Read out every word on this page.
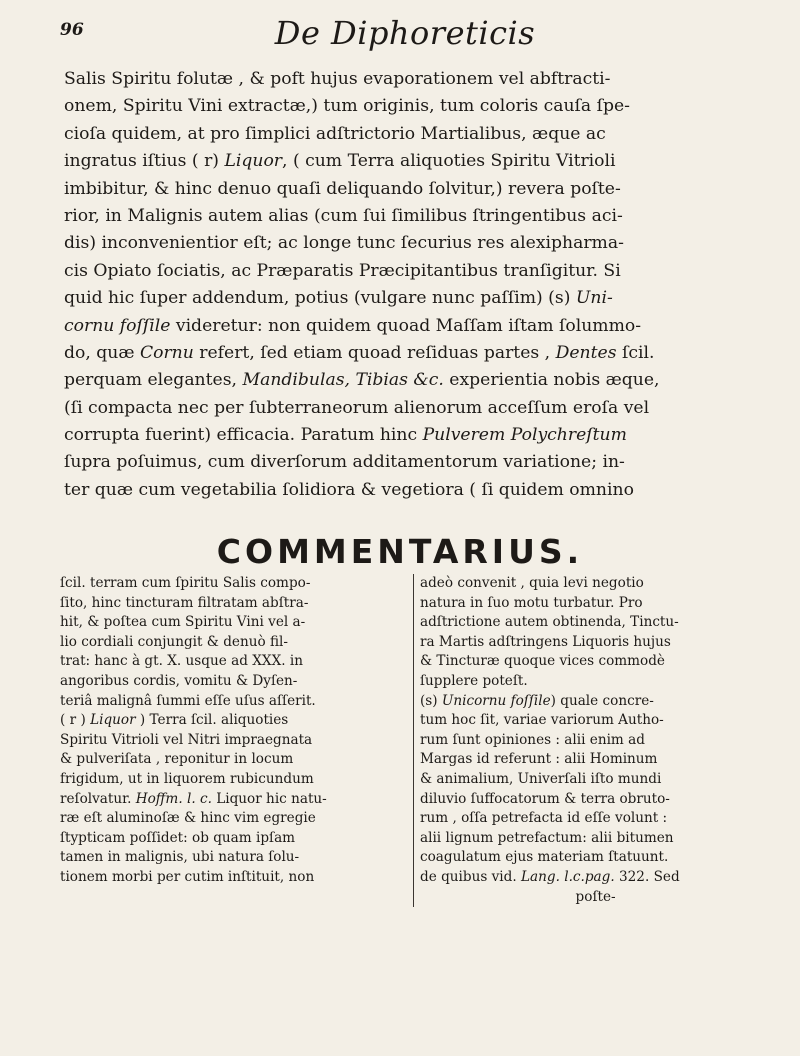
96	De Diphoreticis
Salis Spiritu folutæ , & poft hujus evaporationem vel abftracti-
onem, Spiritu Vini extractæ,) tum originis, tum coloris cauſa ſpe-
cioſa quidem, at pro ſimplici adſtrictorio Martialibus, æque ac
ingratus iſtius ( r) Liquor, ( cum Terra aliquoties Spiritu Vitrioli
imbibitur, & hinc denuo quaſi deliquando ſolvitur,) revera poſte-
rior, in Malignis autem alias (cum ſui ſimilibus ſtringentibus aci-
dis) inconvenientior eſt; ac longe tunc ſecurius res alexipharma-
cis Opiato ſociatis, ac Præparatis Præcipitantibus tranſigitur. Si
quid hic ſuper addendum, potius (vulgare nunc paſſim) (s) Uni-
cornu foſſile videretur: non quidem quoad Maſſam iſtam ſolummo-
do, quæ Cornu refert, ſed etiam quoad reſiduas partes , Dentes ſcil.
perquam elegantes, Mandibulas, Tibias &c. experientia nobis æque,
(ſi compacta nec per ſubterraneorum alienorum acceſſum eroſa vel
corrupta fuerint) efficacia. Paratum hinc Pulverem Polychreſtum
ſupra poſuimus, cum diverſorum additamentorum variatione; in-
ter quæ cum vegetabilia ſolidiora & vegetiora ( ſi quidem omnino
COMMENTARIUS.
ſcil. terram cum ſpiritu Salis compo-
ſito, hinc tincturam filtratam abſtra-
hit, & poſtea cum Spiritu Vini vel a-
lio cordiali conjungit & denuò fil-
trat: hanc à gt. X. usque ad XXX. in
angoribus cordis, vomitu & Dyſen-
teriâ malignâ ſummi eſſe uſus aſſerit.
( r ) Liquor ) Terra ſcil. aliquoties
Spiritu Vitrioli vel Nitri impraegnata
& pulveriſata , reponitur in locum
frigidum, ut in liquorem rubicundum
reſolvatur. Hoffm. l. c. Liquor hic natu-
ræ eſt aluminoſæ & hinc vim egregie
ſtypticam poſſidet: ob quam ipſam
tamen in malignis, ubi natura ſolu-
tionem morbi per cutim inſtituit, non
adeò convenit , quia levi negotio
natura in ſuo motu turbatur. Pro
adſtrictione autem obtinenda, Tinctu-
ra Martis adſtringens Liquoris hujus
& Tincturæ quoque vices commodè
ſupplere poteſt.
(s) Unicornu foſſile) quale concre-
tum hoc ſit, variae variorum Autho-
rum ſunt opiniones : alii enim ad
Margas id referunt : alii Hominum
& animalium, Univerſali iſto mundi
diluvio ſuffocatorum & terra obruto-
rum , oſſa petrefacta id eſſe volunt :
alii lignum petrefactum: alii bitumen
coagulatum ejus materiam ſtatuunt.
de quibus vid. Lang. l.c.pag. 322. Sed
poſte-
